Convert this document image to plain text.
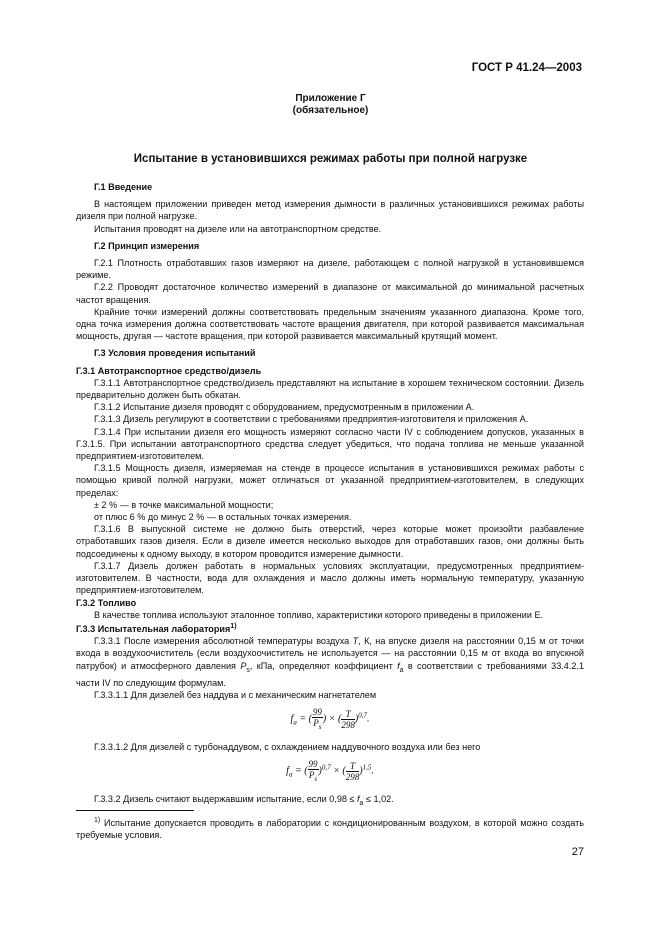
ГОСТ Р 41.24—2003
Приложение Г
(обязательное)
Испытание в установившихся режимах работы при полной нагрузке

Г.1 Введение

В настоящем приложении приведен метод измерения дымности в различных установившихся режимах работы дизеля при полной нагрузке.

Испытания проводят на дизеле или на автотранспортном средстве.

Г.2 Принцип измерения

Г.2.1 Плотность отработавших газов измеряют на дизеле, работающем с полной нагрузкой в установившемся режиме.

Г.2.2 Проводят достаточное количество измерений в диапазоне от максимальной до минимальной расчетных частот вращения.

Крайние точки измерений должны соответствовать предельным значениям указанного диапазона. Кроме того, одна точка измерения должна соответствовать частоте вращения двигателя, при которой развивается максимальная мощность, другая — частоте вращения, при которой развивается максимальный крутящий момент.

Г.3 Условия проведения испытаний

Г.3.1 Автотранспортное средство/дизель

Г.3.1.1 Автотранспортное средство/дизель представляют на испытание в хорошем техническом состоянии. Дизель предварительно должен быть обкатан.

Г.3.1.2 Испытание дизеля проводят с оборудованием, предусмотренным в приложении А.

Г.3.1.3 Дизель регулируют в соответствии с требованиями предприятия-изготовителя и приложения А.

Г.3.1.4 При испытании дизеля его мощность измеряют согласно части IV с соблюдением допусков, указанных в Г.3.1.5. При испытании автотранспортного средства следует убедиться, что подача топлива не меньше указанной предприятием-изготовителем.

Г.3.1.5 Мощность дизеля, измеряемая на стенде в процессе испытания в установившихся режимах работы с помощью кривой полной нагрузки, может отличаться от указанной предприятием-изготовителем, в следующих пределах:

± 2 % — в точке максимальной мощности;

от плюс 6 % до минус 2 % — в остальных точках измерения.

Г.3.1.6 В выпускной системе не должно быть отверстий, через которые может произойти разбавление отработавших газов дизеля. Если в дизеле имеется несколько выходов для отработавших газов, они должны быть подсоединены к одному выходу, в котором проводится измерение дымности.

Г.3.1.7 Дизель должен работать в нормальных условиях эксплуатации, предусмотренных предприятием-изготовителем. В частности, вода для охлаждения и масло должны иметь нормальную температуру, указанную предприятием-изготовителем.

Г.3.2 Топливо

В качестве топлива используют эталонное топливо, характеристики которого приведены в приложении Е.

Г.3.3 Испытательная лаборатория$^{1)}$

Г.3.3.1 После измерения абсолютной температуры воздуха T, К, на впуске дизеля на расстоянии 0,15 м от точки входа в воздухоочиститель (если воздухоочиститель не используется — на расстоянии 0,15 м от входа во впускной патрубок) и атмосферного давления $P_s$, кПа, определяют коэффициент $f_a$ в соответствии с требованиями 33.4.2.1 части IV по следующим формулам.

Г.3.3.1.1 Для дизелей без наддува и с механическим нагнетателем

$f_a$ = ( $\frac{99}{P_s}$ ) × ( $\frac{T}{298} )^{0,7}$.

Г.3.3.1.2 Для дизелей с турбонаддувом, с охлаждением наддувочного воздуха или без него

$f_a$ = ( $\frac{99}{P_s} )^{0,7}$ × ( $\frac{T}{298} )^{1,5}$.

Г.3.3.2 Дизель считают выдержавшим испытание, если $0,98 \le f_a \le 1,02$.

$^{1)}$ Испытание допускается проводить в лаборатории с кондиционированным воздухом, в которой можно создать требуемые условия.
27
